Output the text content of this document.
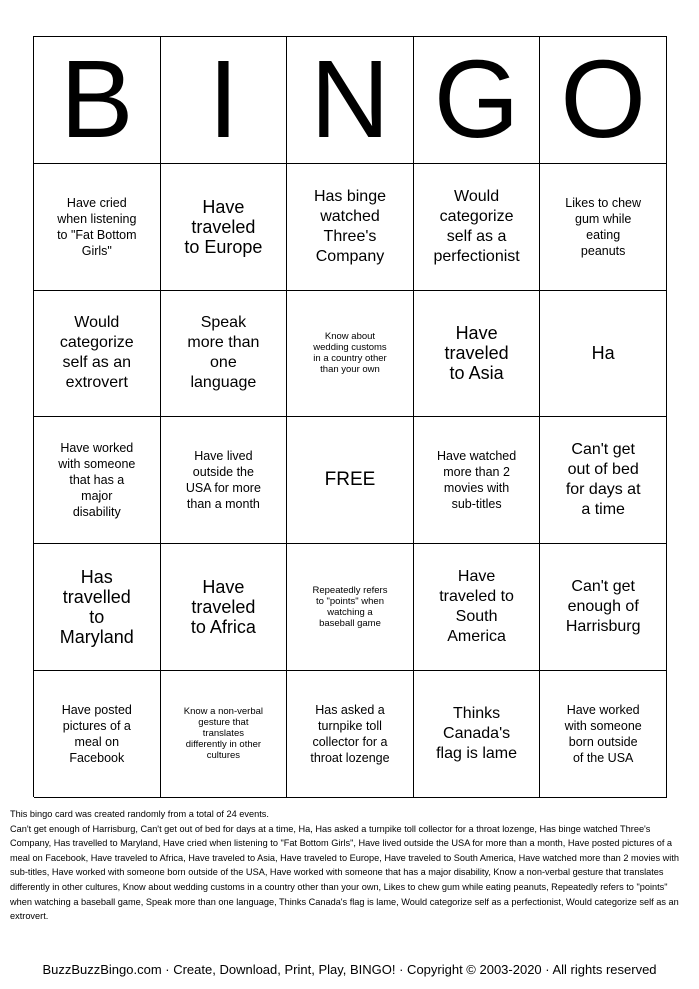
B I N G O
Have cried when listening to "Fat Bottom Girls"
Have traveled to Europe
Has binge watched Three's Company
Would categorize self as a perfectionist
Likes to chew gum while eating peanuts
Would categorize self as an extrovert
Speak more than one language
Know about wedding customs in a country other than your own
Have traveled to Asia
Ha
Have worked with someone that has a major disability
Have lived outside the USA for more than a month
FREE
Have watched more than 2 movies with sub-titles
Can't get out of bed for days at a time
Has travelled to Maryland
Have traveled to Africa
Repeatedly refers to "points" when watching a baseball game
Have traveled to South America
Can't get enough of Harrisburg
Have posted pictures of a meal on Facebook
Know a non-verbal gesture that translates differently in other cultures
Has asked a turnpike toll collector for a throat lozenge
Thinks Canada's flag is lame
Have worked with someone born outside of the USA
This bingo card was created randomly from a total of 24 events.
Can't get enough of Harrisburg, Can't get out of bed for days at a time, Ha, Has asked a turnpike toll collector for a throat lozenge, Has binge watched Three's Company, Has travelled to Maryland, Have cried when listening to "Fat Bottom Girls", Have lived outside the USA for more than a month, Have posted pictures of a meal on Facebook, Have traveled to Africa, Have traveled to Asia, Have traveled to Europe, Have traveled to South America, Have watched more than 2 movies with sub-titles, Have worked with someone born outside of the USA, Have worked with someone that has a major disability, Know a non-verbal gesture that translates differently in other cultures, Know about wedding customs in a country other than your own, Likes to chew gum while eating peanuts, Repeatedly refers to "points" when watching a baseball game, Speak more than one language, Thinks Canada's flag is lame, Would categorize self as a perfectionist, Would categorize self as an extrovert.
BuzzBuzzBingo.com · Create, Download, Print, Play, BINGO! · Copyright © 2003-2020 · All rights reserved
